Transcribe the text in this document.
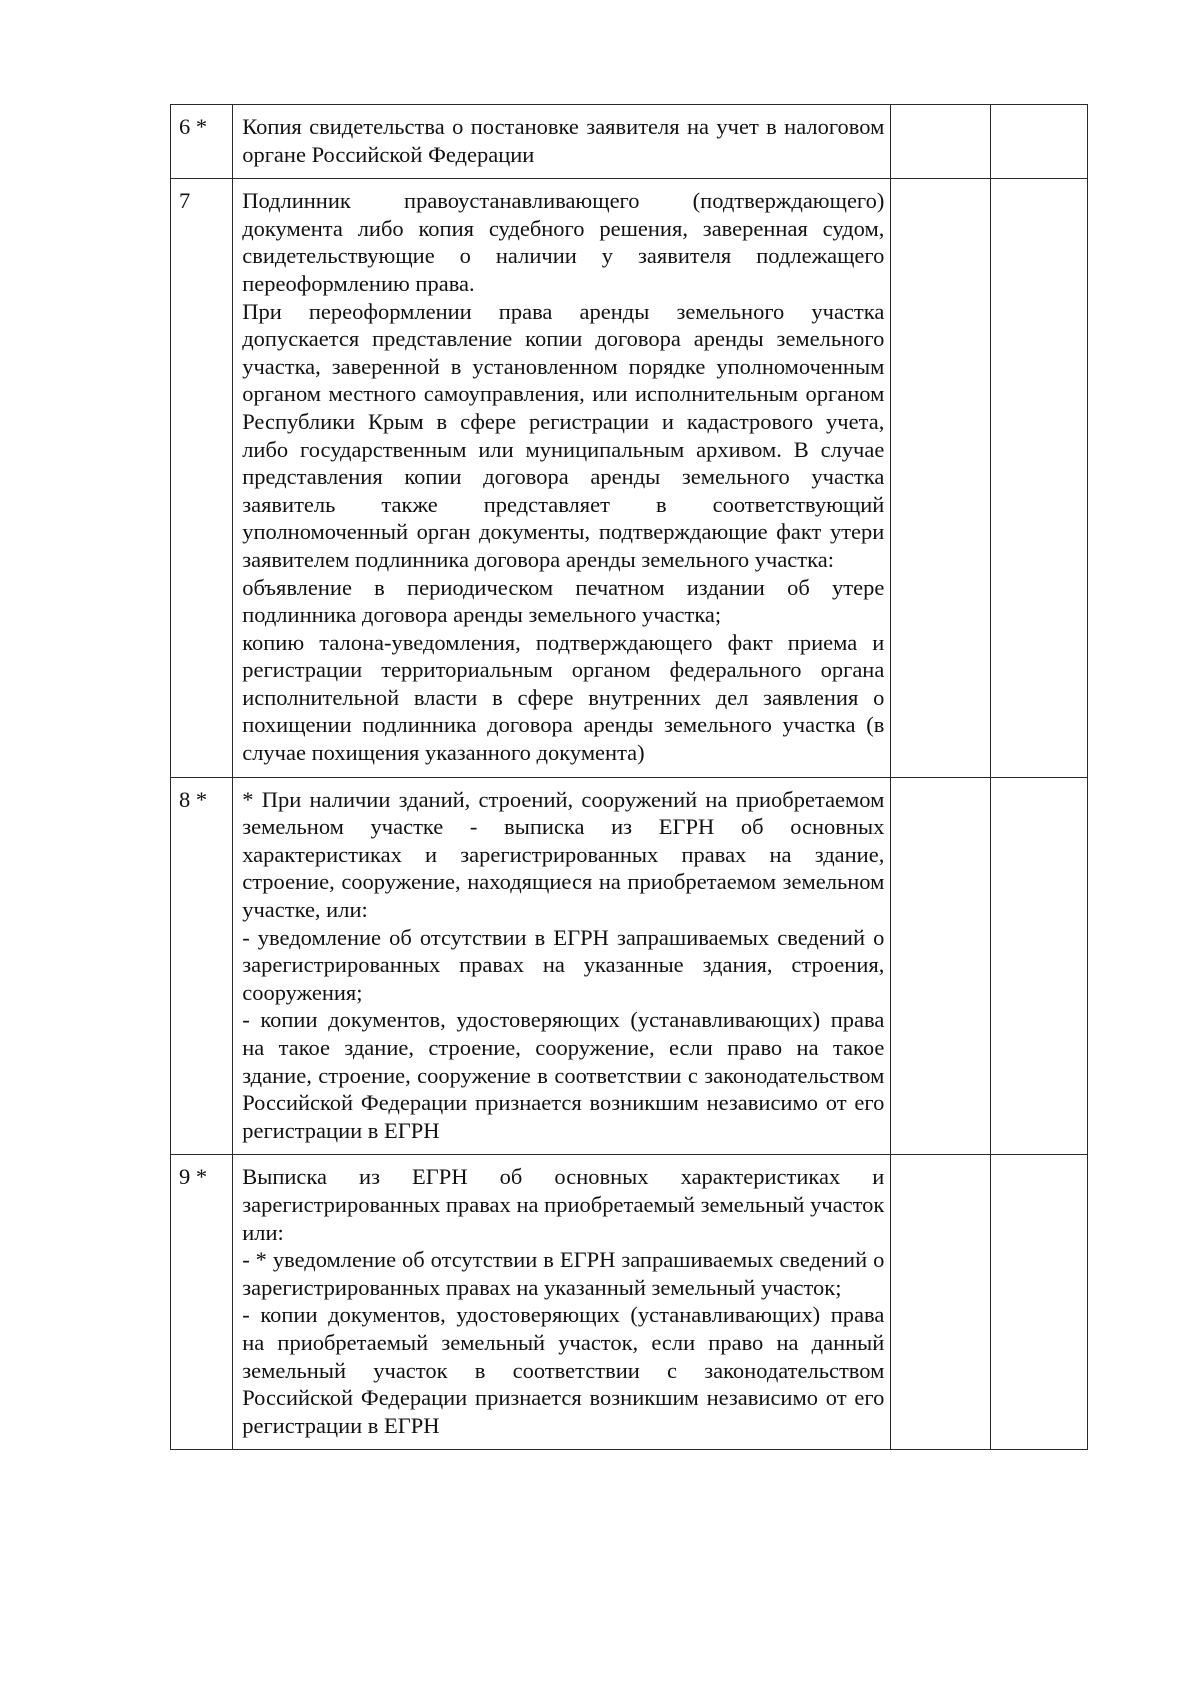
6 *	Копия свидетельства о постановке заявителя на учет в налоговом органе Российской Федерации		

7	Подлинник правоустанавливающего (подтверждающего) документа либо копия судебного решения, заверенная судом, свидетельствующие о наличии у заявителя подлежащего переоформлению права.

При переоформлении права аренды земельного участка допускается представление копии договора аренды земельного участка, заверенной в установленном порядке уполномоченным органом местного самоуправления, или исполнительным органом Республики Крым в сфере регистрации и кадастрового учета, либо государственным или муниципальным архивом. В случае представления копии договора аренды земельного участка заявитель также представляет в соответствующий уполномоченный орган документы, подтверждающие факт утери заявителем подлинника договора аренды земельного участка:

объявление в периодическом печатном издании об утере подлинника договора аренды земельного участка;

копию талона-уведомления, подтверждающего факт приема и регистрации территориальным органом федерального органа исполнительной власти в сфере внутренних дел заявления о похищении подлинника договора аренды земельного участка (в случае похищения указанного документа)		

8 *	* При наличии зданий, строений, сооружений на приобретаемом земельном участке - выписка из ЕГРН об основных характеристиках и зарегистрированных правах на здание, строение, сооружение, находящиеся на приобретаемом земельном участке, или:

- уведомление об отсутствии в ЕГРН запрашиваемых сведений о зарегистрированных правах на указанные здания, строения, сооружения;

- копии документов, удостоверяющих (устанавливающих) права на такое здание, строение, сооружение, если право на такое здание, строение, сооружение в соответствии с законодательством Российской Федерации признается возникшим независимо от его регистрации в ЕГРН		

9 *	Выписка из ЕГРН об основных характеристиках и зарегистрированных правах на приобретаемый земельный участок или:

- * уведомление об отсутствии в ЕГРН запрашиваемых сведений о зарегистрированных правах на указанный земельный участок;

- копии документов, удостоверяющих (устанавливающих) права на приобретаемый земельный участок, если право на данный земельный участок в соответствии с законодательством Российской Федерации признается возникшим независимо от его регистрации в ЕГРН		
